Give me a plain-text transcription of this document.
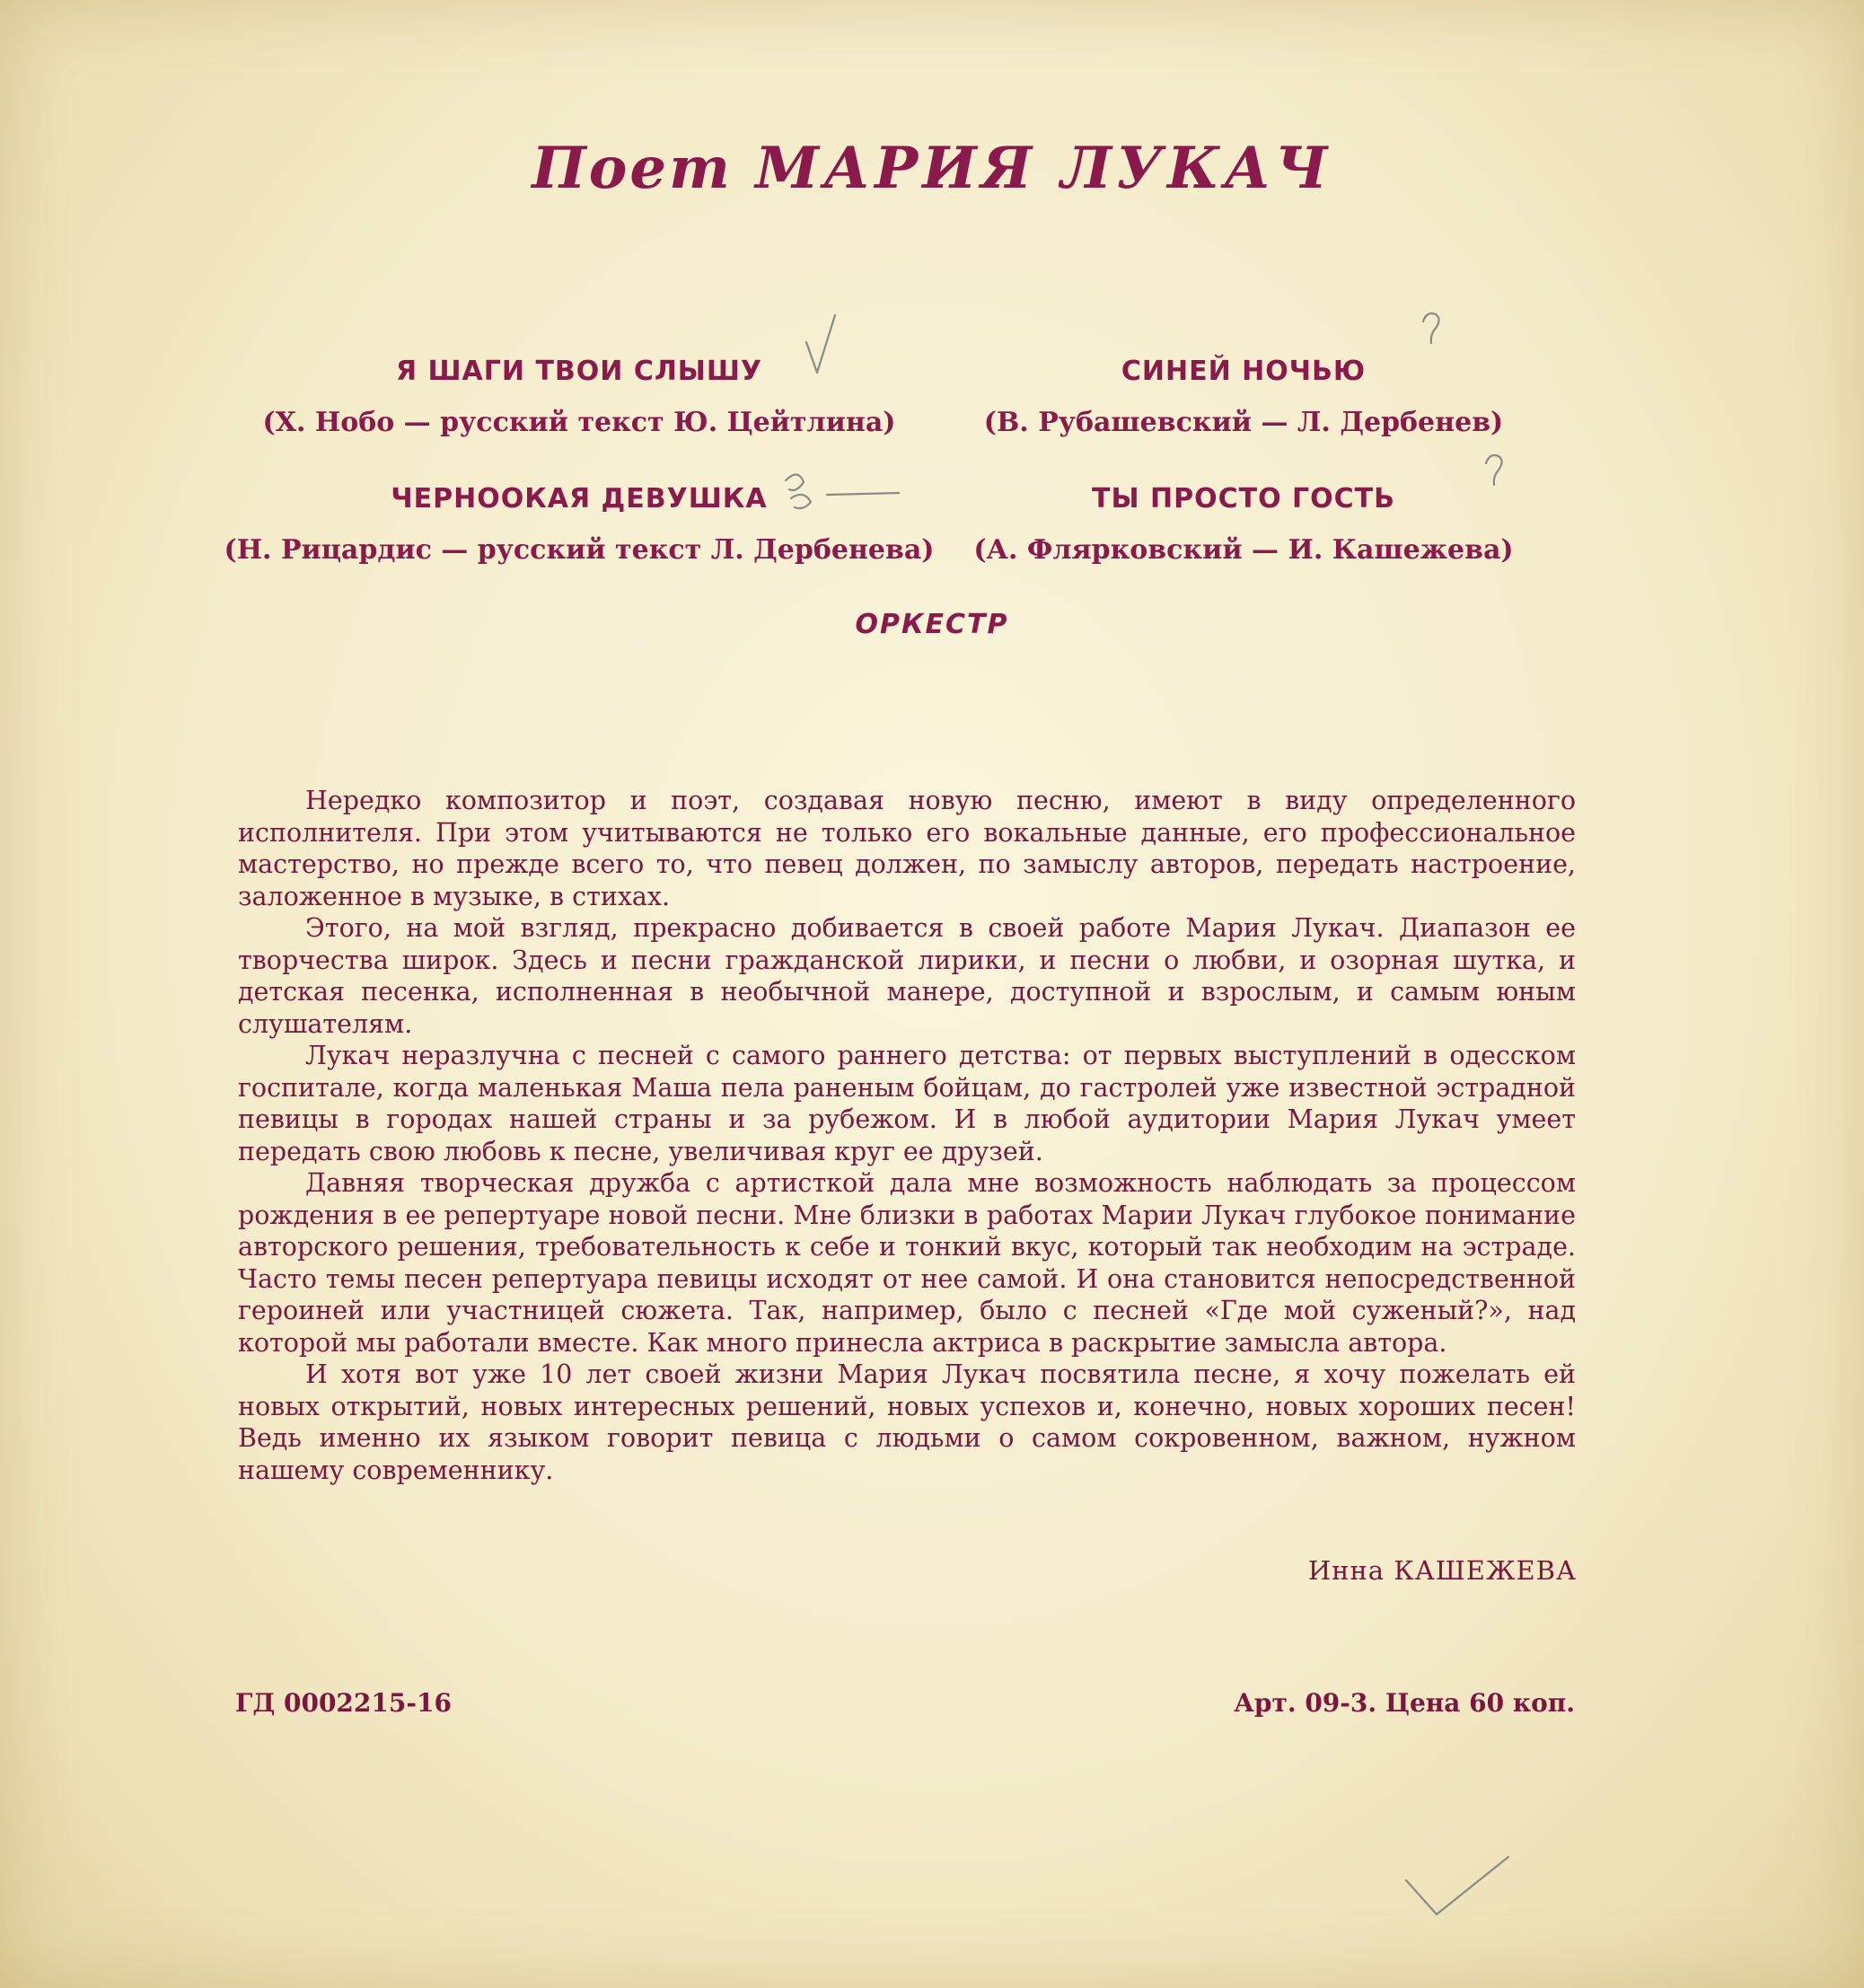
Поет МАРИЯ ЛУКАЧ
Я ШАГИ ТВОИ СЛЫШУ
(Х. Нобо — русский текст Ю. Цейтлина)
СИНЕЙ НОЧЬЮ
(В. Рубашевский — Л. Дербенев)
ЧЕРНООКАЯ ДЕВУШКА
(Н. Рицардис — русский текст Л. Дербенева)
ТЫ ПРОСТО ГОСТЬ
(А. Флярковский — И. Кашежева)
ОРКЕСТР

Нередко композитор и поэт, создавая новую песню, имеют в виду определенного исполнителя. При этом учитываются не только его вокальные данные, его профессиональное мастерство, но прежде всего то, что певец должен, по замыслу авторов, передать настроение, заложенное в музыке, в стихах.

Этого, на мой взгляд, прекрасно добивается в своей работе Мария Лукач. Диапазон ее творчества широк. Здесь и песни гражданской лирики, и песни о любви, и озорная шутка, и детская песенка, исполненная в необычной манере, доступной и взрослым, и самым юным слушателям.

Лукач неразлучна с песней с самого раннего детства: от первых выступлений в одесском госпитале, когда маленькая Маша пела раненым бойцам, до гастролей уже известной эстрадной певицы в городах нашей страны и за рубежом. И в любой аудитории Мария Лукач умеет передать свою любовь к песне, увеличивая круг ее друзей.

Давняя творческая дружба с артисткой дала мне возможность наблюдать за процессом рождения в ее репертуаре новой песни. Мне близки в работах Марии Лукач глубокое понимание авторского решения, требовательность к себе и тонкий вкус, который так необходим на эстраде. Часто темы песен репертуара певицы исходят от нее самой. И она становится непосредственной героиней или участницей сюжета. Так, например, было с песней «Где мой суженый?», над которой мы работали вместе. Как много принесла актриса в раскрытие замысла автора.

И хотя вот уже 10 лет своей жизни Мария Лукач посвятила песне, я хочу пожелать ей новых открытий, новых интересных решений, новых успехов и, конечно, новых хороших песен! Ведь именно их языком говорит певица с людьми о самом сокровенном, важном, нужном нашему современнику.

Инна КАШЕЖЕВА
ГД 0002215-16	Арт. 09-3. Цена 60 коп.
